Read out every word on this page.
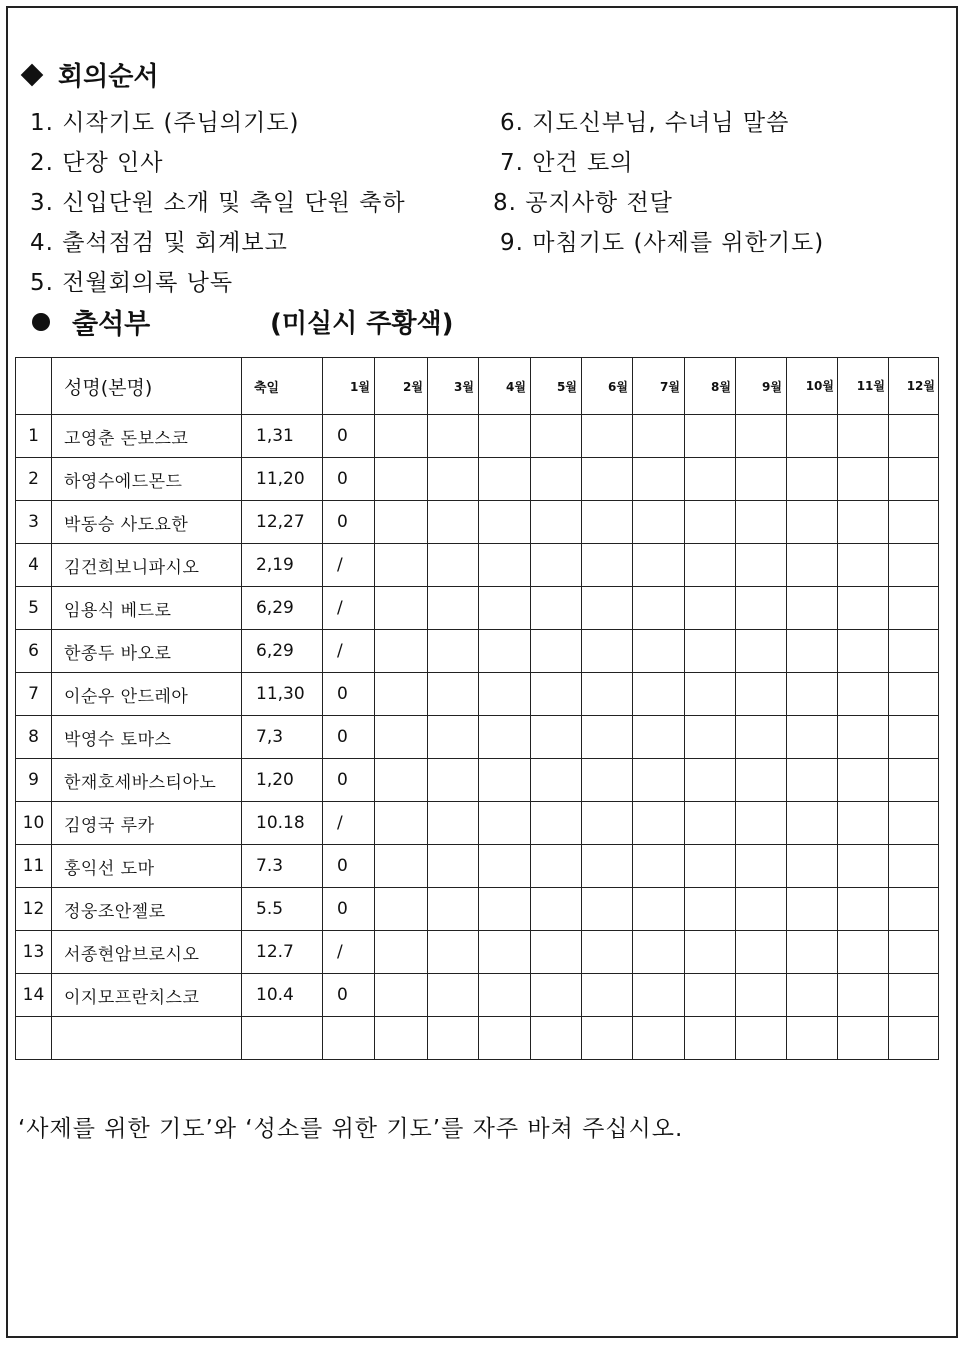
회의순서
1. 시작기도 (주님의기도)
2. 단장 인사
3. 신입단원 소개 및 축일 단원 축하
4. 출석점검 및 회계보고
5. 전월회의록 낭독
6. 지도신부님, 수녀님 말씀
7. 안건 토의
8. 공지사항 전달
9. 마침기도 (사제를 위한기도)
출석부	(미실시 주황색)
	성명(본명)	축일	1월	2월	3월	4월	5월	6월	7월	8월	9월	10월	11월	12월
1	고영춘 돈보스코	1,31	0											
2	하영수에드몬드	11,20	0											
3	박동승 사도요한	12,27	0											
4	김건희보니파시오	2,19	/											
5	임용식 베드로	6,29	/											
6	한종두 바오로	6,29	/											
7	이순우 안드레아	11,30	0											
8	박영수 토마스	7,3	0											
9	한재호세바스티아노	1,20	0											
10	김영국 루카	10.18	/											
11	홍익선 도마	7.3	0											
12	정웅조안젤로	5.5	0											
13	서종현암브로시오	12.7	/											
14	이지모프란치스코	10.4	0											

‘사제를 위한 기도’와 ‘성소를 위한 기도’를 자주 바쳐 주십시오.
